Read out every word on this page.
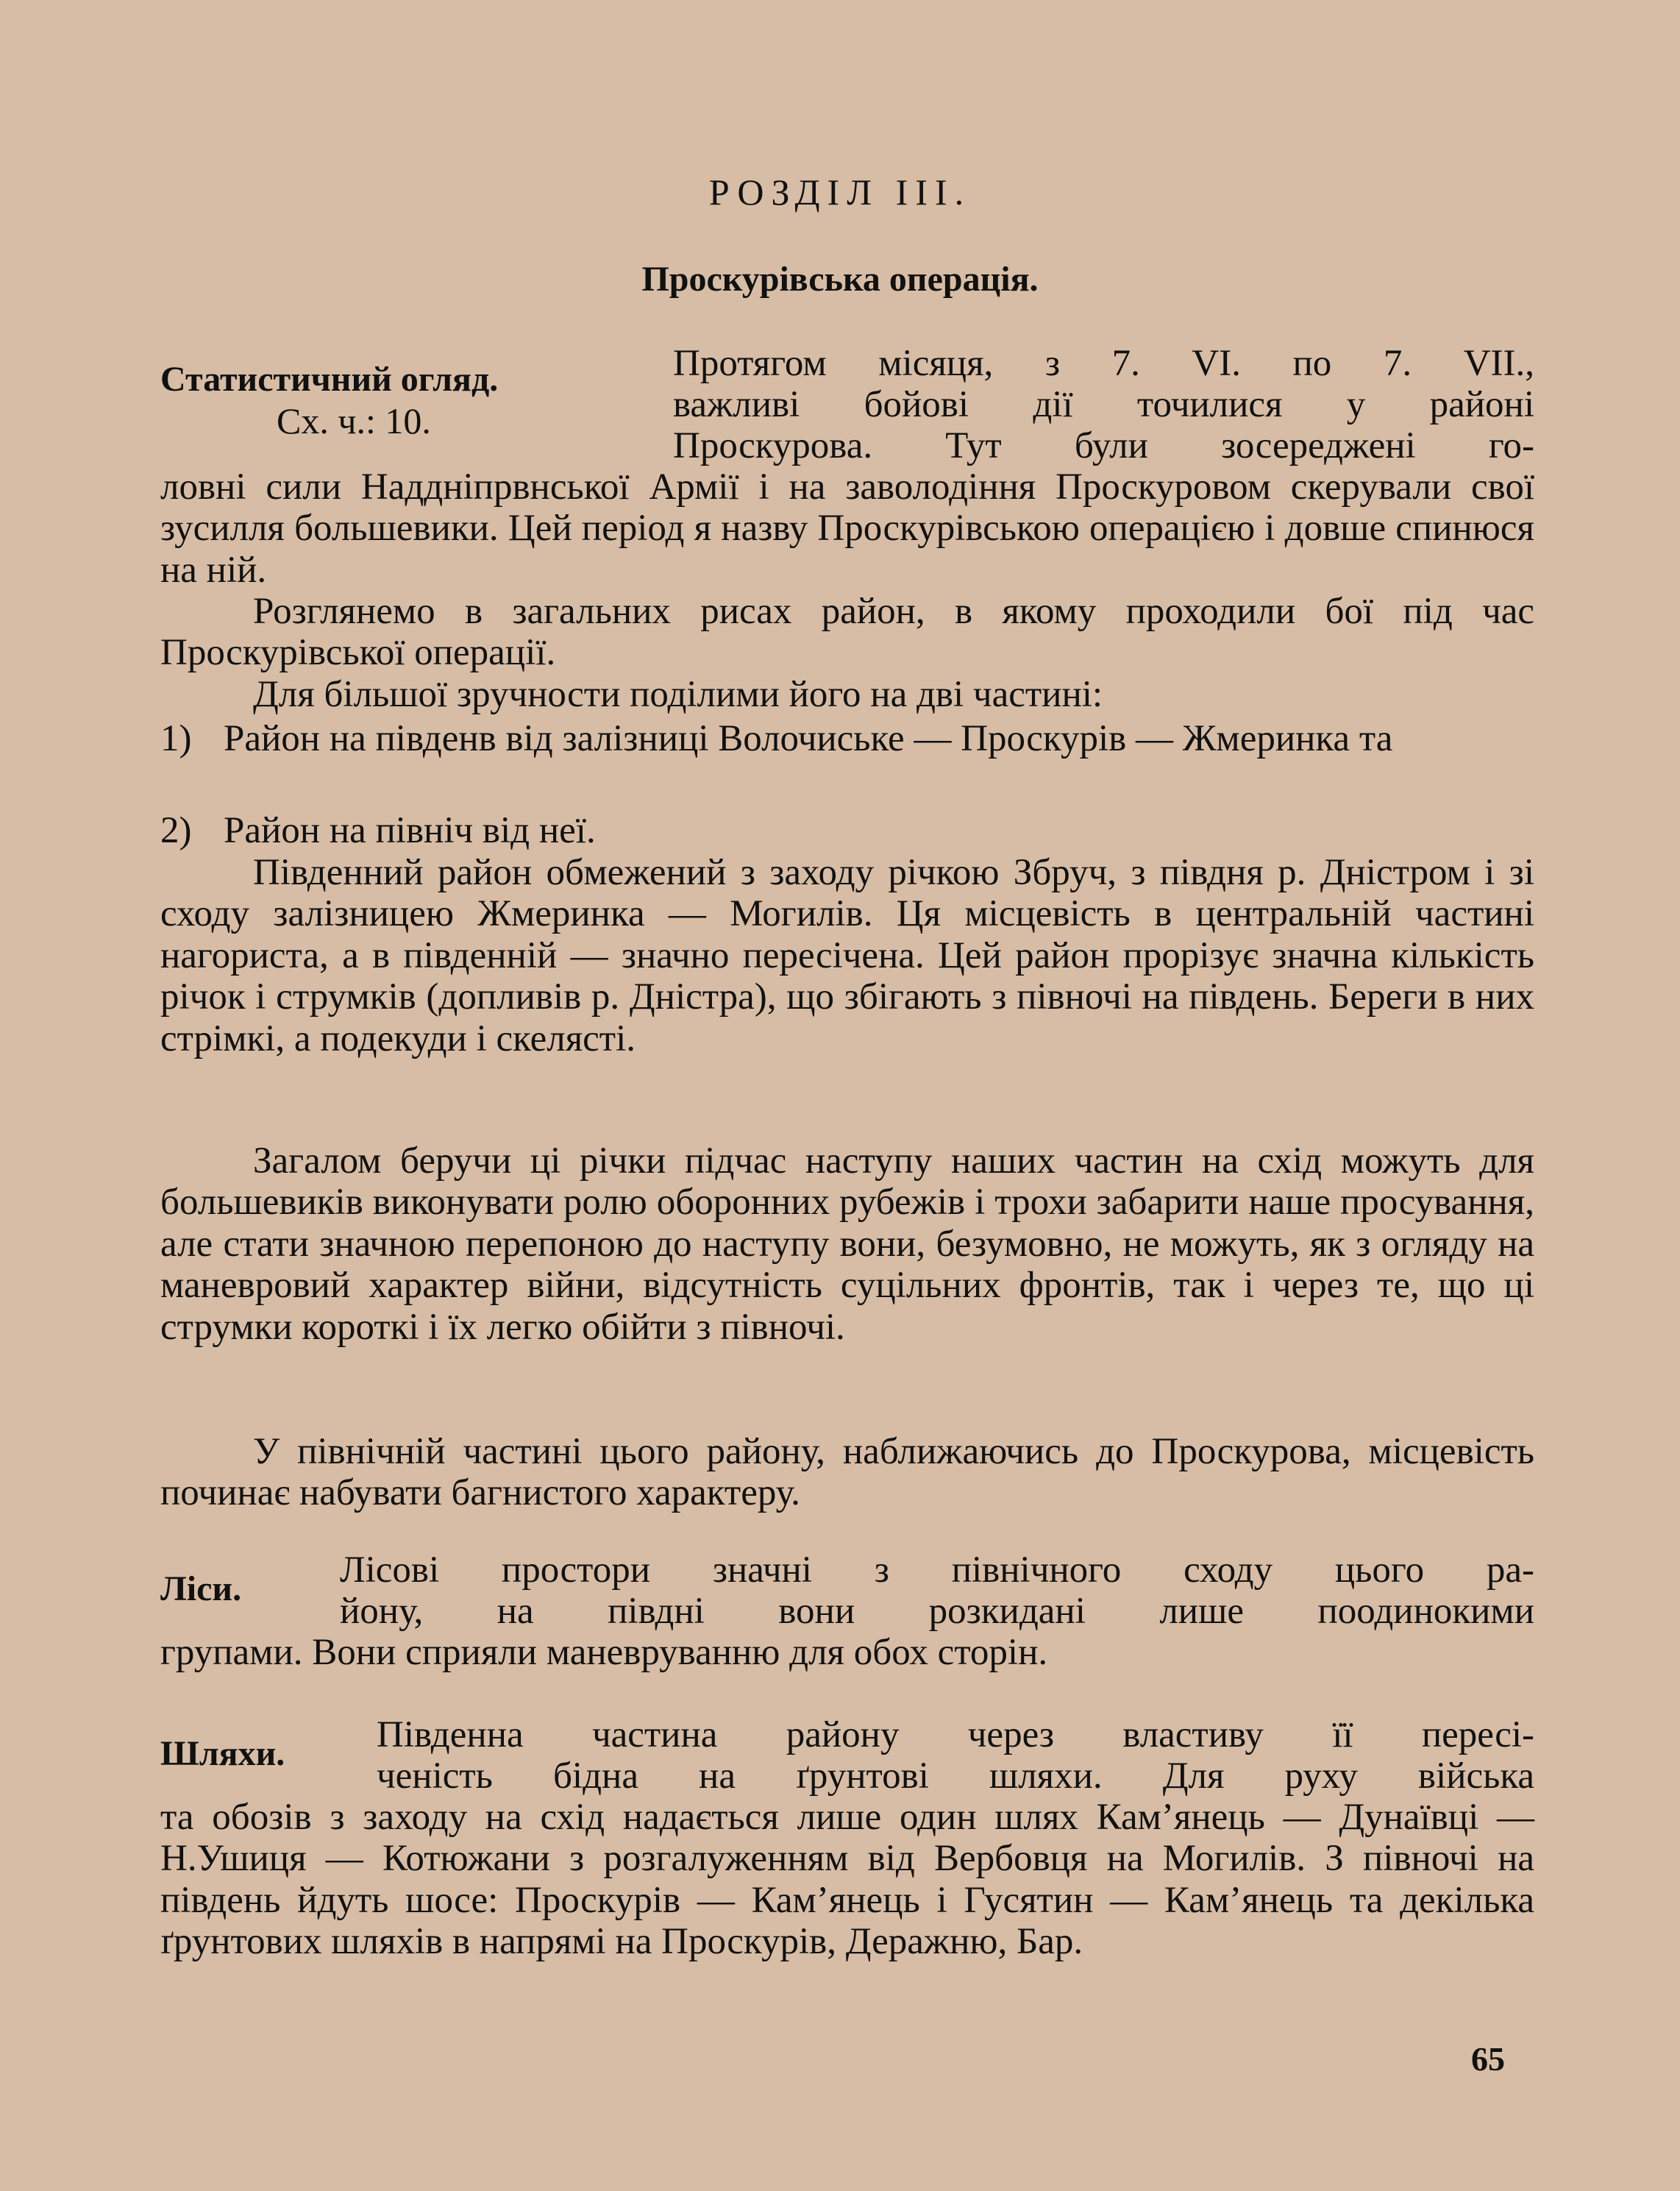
РОЗДІЛ III.
Проскурівська операція.
Статистичний огляд.
Сх. ч.: 10.
Протягом місяця, з 7. VI. по 7. VII.,
важливі бойові дії точилися у районі
Проскурова. Тут були зосереджені го-
ловні сили Наддніпрвнської Армії і на заволодіння Проскуровом скерували свої зусилля большевики. Цей період я назву Проскурівською операцією і довше спинюся на ній.
Розглянемо в загальних рисах район, в якому проходили бої під час Проскурівської операції.
Для більшої зручности поділими його на дві частині:
1) Район на південв від залізниці Волочиське — Проскурів — Жмеринка та
2) Район на північ від неї.
Південний район обмежений з заходу річкою Збруч, з півдня р. Дністром і зі сходу залізницею Жмеринка — Могилів. Ця місцевість в центральній частині нагориста, а в південній — значно пересічена. Цей район прорізує значна кількість річок і струмків (допливів р. Дністра), що збігають з півночі на південь. Береги в них стрімкі, а подекуди і скелясті.
Загалом беручи ці річки підчас наступу наших частин на схід можуть для большевиків виконувати ролю оборонних рубежів і трохи забарити наше просування, але стати значною перепоною до наступу вони, безумовно, не можуть, як з огляду на маневровий характер війни, відсутність суцільних фронтів, так і через те, що ці струмки короткі і їх легко обійти з півночі.
У північній частині цього району, наближаючись до Проскурова, місцевість починає набувати багнистого характеру.
Ліси.	Лісові простори значні з північного сходу цього ра-
йону, на півдні вони розкидані лише поодинокими
групами. Вони сприяли маневруванню для обох сторін.
Шляхи. Південна частина району через властиву її пересі-
ченість бідна на ґрунтові шляхи. Для руху війська
та обозів з заходу на схід надається лише один шлях Кам’янець — Дунаївці — Н.Ушиця — Котюжани з розгалуженням від Вербовця на Могилів. З півночі на південь йдуть шосе: Проскурів — Кам’янець і Гусятин — Кам’янець та декілька ґрунтових шляхів в напрямі на Проскурів, Деражню, Бар.
65
